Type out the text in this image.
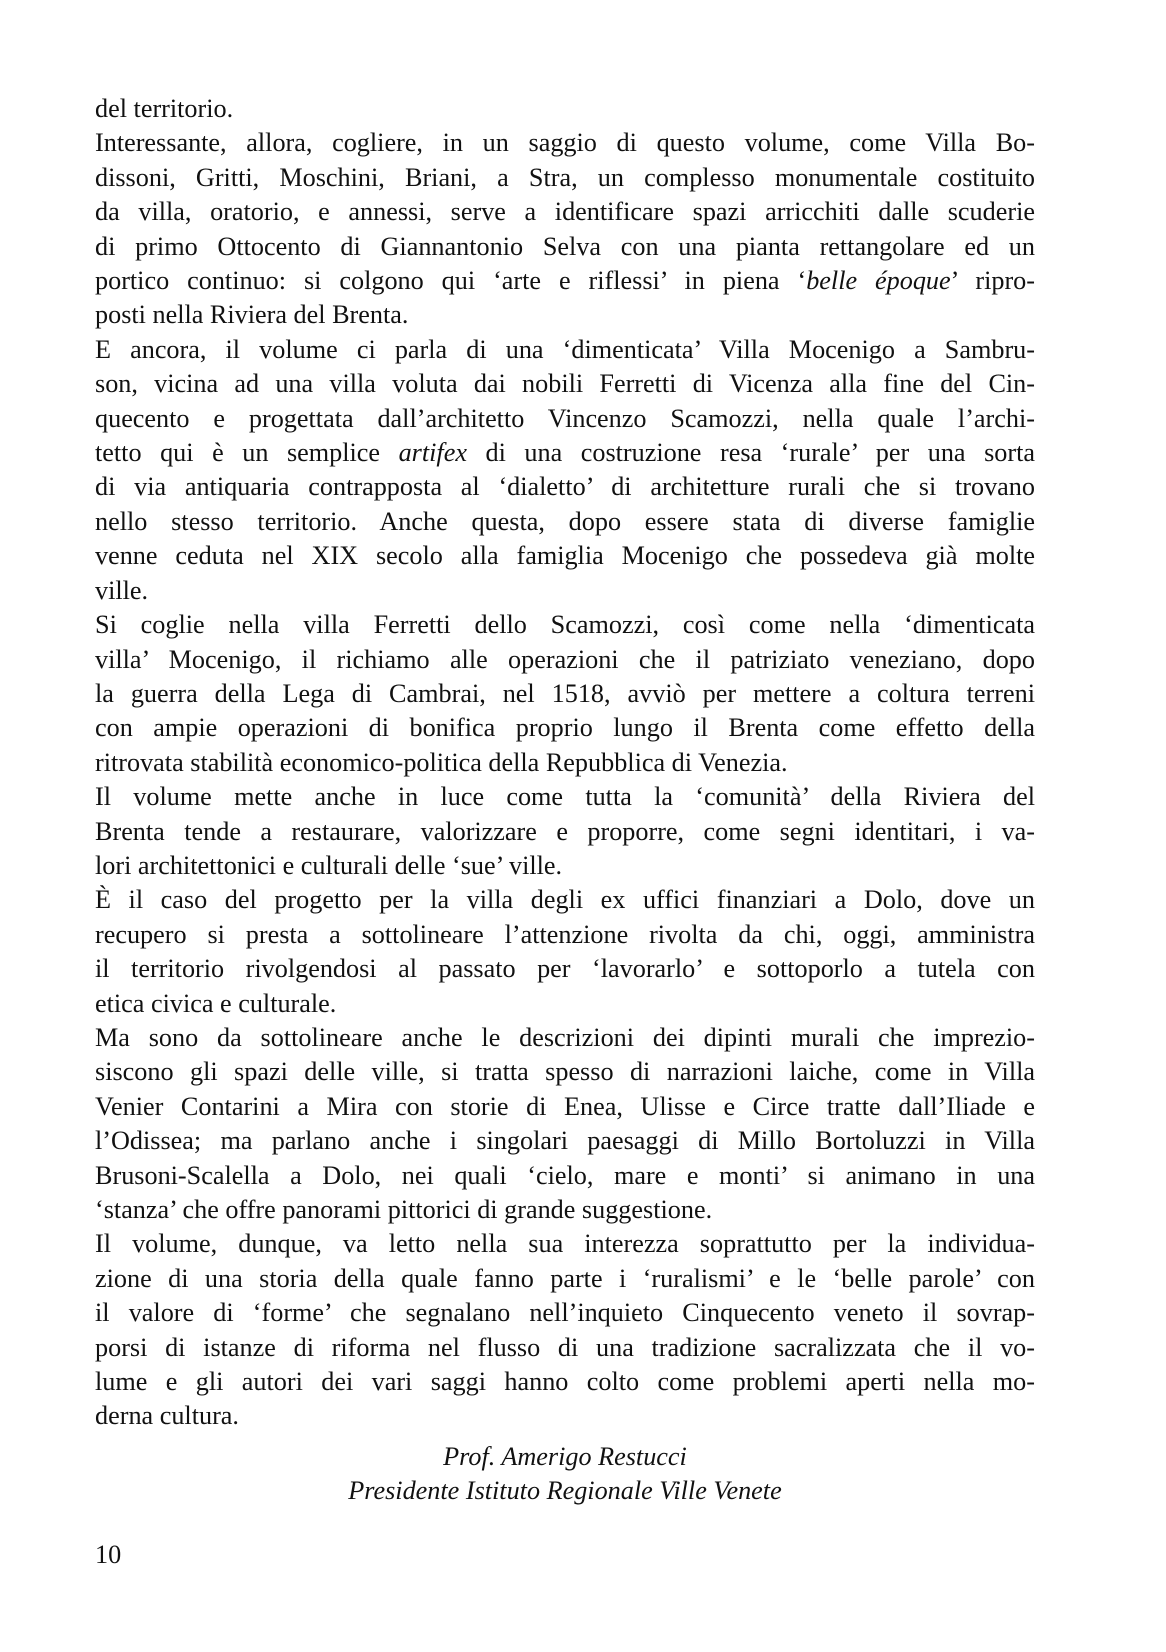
del territorio.

Interessante, allora, cogliere, in un saggio di questo volume, come Villa Bo-
dissoni, Gritti, Moschini, Briani, a Stra, un complesso monumentale costituito
da villa, oratorio, e annessi, serve a identificare spazi arricchiti dalle scuderie
di primo Ottocento di Giannantonio Selva con una pianta rettangolare ed un
portico continuo: si colgono qui ‘arte e riflessi’ in piena ‘belle époque’ ripro-
posti nella Riviera del Brenta.

E ancora, il volume ci parla di una ‘dimenticata’ Villa Mocenigo a Sambru-
son, vicina ad una villa voluta dai nobili Ferretti di Vicenza alla fine del Cin-
quecento e progettata dall’architetto Vincenzo Scamozzi, nella quale l’archi-
tetto qui è un semplice artifex di una costruzione resa ‘rurale’ per una sorta
di via antiquaria contrapposta al ‘dialetto’ di architetture rurali che si trovano
nello stesso territorio. Anche questa, dopo essere stata di diverse famiglie
venne ceduta nel XIX secolo alla famiglia Mocenigo che possedeva già molte
ville.

Si coglie nella villa Ferretti dello Scamozzi, così come nella ‘dimenticata
villa’ Mocenigo, il richiamo alle operazioni che il patriziato veneziano, dopo
la guerra della Lega di Cambrai, nel 1518, avviò per mettere a coltura terreni
con ampie operazioni di bonifica proprio lungo il Brenta come effetto della
ritrovata stabilità economico-politica della Repubblica di Venezia.

Il volume mette anche in luce come tutta la ‘comunità’ della Riviera del
Brenta tende a restaurare, valorizzare e proporre, come segni identitari, i va-
lori architettonici e culturali delle ‘sue’ ville.

È il caso del progetto per la villa degli ex uffici finanziari a Dolo, dove un
recupero si presta a sottolineare l’attenzione rivolta da chi, oggi, amministra
il territorio rivolgendosi al passato per ‘lavorarlo’ e sottoporlo a tutela con
etica civica e culturale.

Ma sono da sottolineare anche le descrizioni dei dipinti murali che imprezio-
siscono gli spazi delle ville, si tratta spesso di narrazioni laiche, come in Villa
Venier Contarini a Mira con storie di Enea, Ulisse e Circe tratte dall’Iliade e
l’Odissea; ma parlano anche i singolari paesaggi di Millo Bortoluzzi in Villa
Brusoni-Scalella a Dolo, nei quali ‘cielo, mare e monti’ si animano in una
‘stanza’ che offre panorami pittorici di grande suggestione.

Il volume, dunque, va letto nella sua interezza soprattutto per la individua-
zione di una storia della quale fanno parte i ‘ruralismi’ e le ‘belle parole’ con
il valore di ‘forme’ che segnalano nell’inquieto Cinquecento veneto il sovrap-
porsi di istanze di riforma nel flusso di una tradizione sacralizzata che il vo-
lume e gli autori dei vari saggi hanno colto come problemi aperti nella mo-
derna cultura.

Prof. Amerigo Restucci
Presidente Istituto Regionale Ville Venete
10
